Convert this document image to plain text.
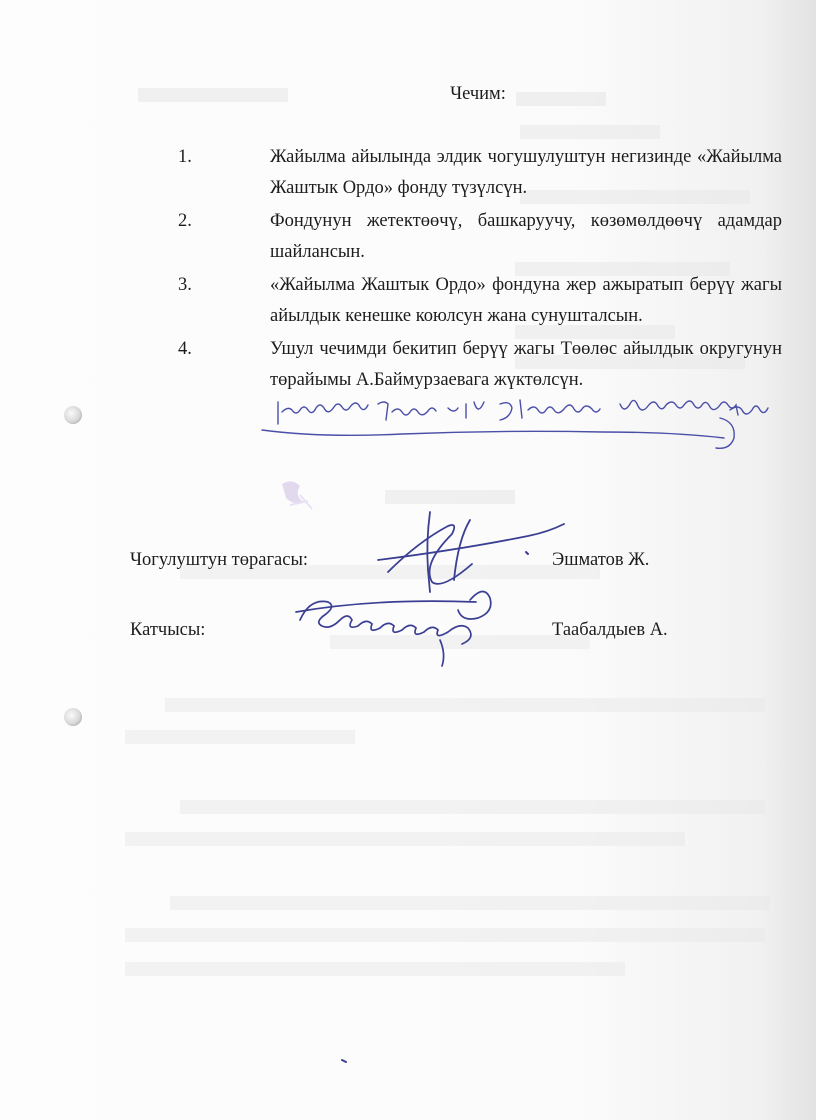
Чечим:
1.	Жайылма айылында элдик чогушулуштун негизинде «Жайылма Жаштык Ордо» фонду түзүлсүн.
2.	Фондунун жетектөөчү, башкаруучу, көзөмөлдөөчү адамдар шайлансын.
3.	«Жайылма Жаштык Ордо» фондуна жер ажыратып берүү жагы айылдык кенешке коюлсун жана сунушталсын.
4.	Ушул чечимди бекитип берүү жагы Төөлөс айылдык округунун төрайымы А.Баймурзаевага жүктөлсүн.
Чогулуштун төрагасы:	Эшматов Ж.
Катчысы:	Таабалдыев А.
